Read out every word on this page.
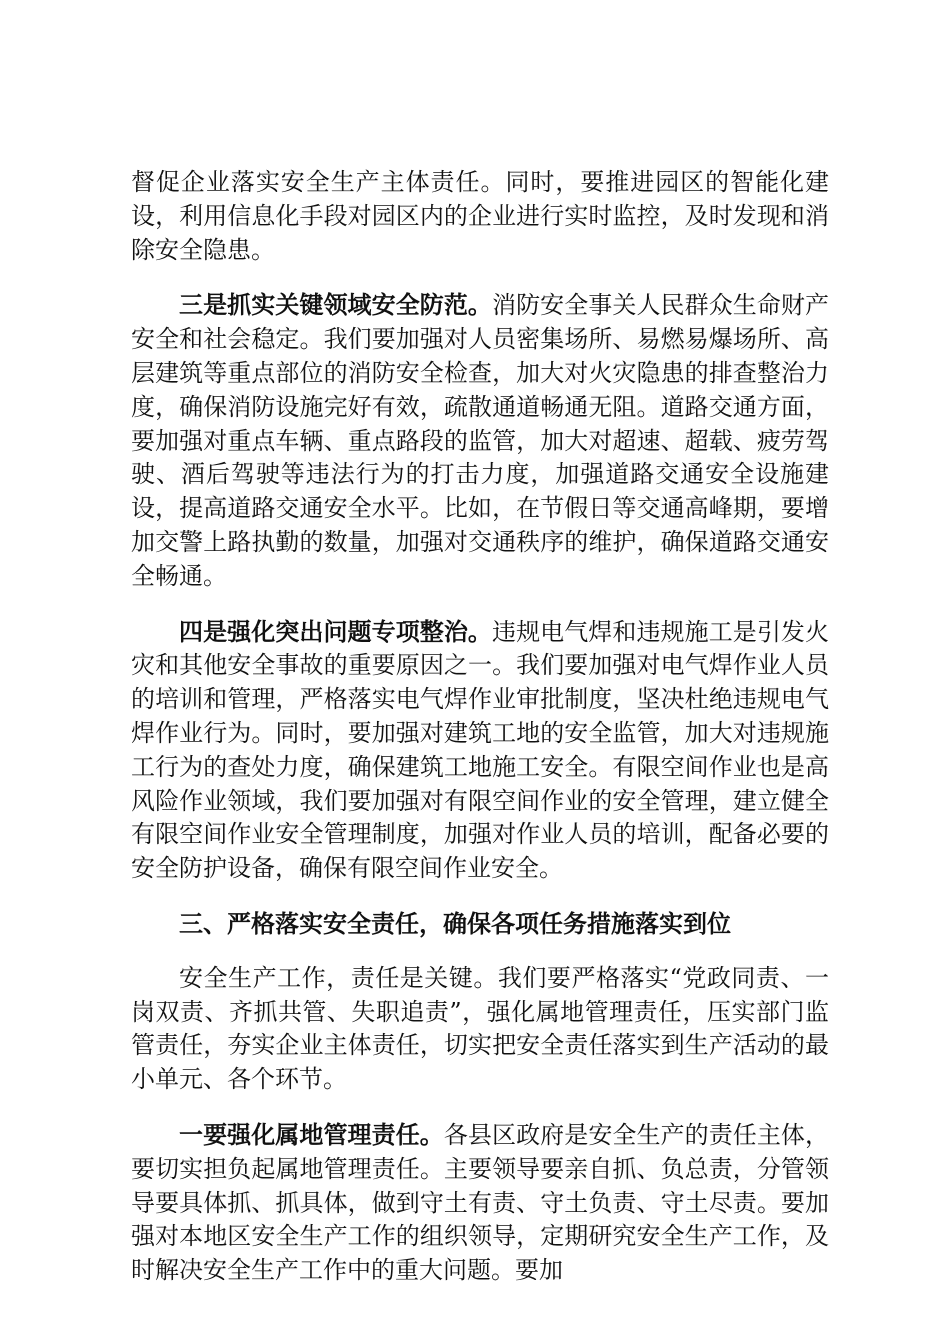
督促企业落实安全生产主体责任。同时，要推进园区的智能化建设，利用信息化手段对园区内的企业进行实时监控，及时发现和消除安全隐患。

三是抓实关键领域安全防范。消防安全事关人民群众生命财产安全和社会稳定。我们要加强对人员密集场所、易燃易爆场所、高层建筑等重点部位的消防安全检查，加大对火灾隐患的排查整治力度，确保消防设施完好有效，疏散通道畅通无阻。道路交通方面，要加强对重点车辆、重点路段的监管，加大对超速、超载、疲劳驾驶、酒后驾驶等违法行为的打击力度，加强道路交通安全设施建设，提高道路交通安全水平。比如，在节假日等交通高峰期，要增加交警上路执勤的数量，加强对交通秩序的维护，确保道路交通安全畅通。

四是强化突出问题专项整治。违规电气焊和违规施工是引发火灾和其他安全事故的重要原因之一。我们要加强对电气焊作业人员的培训和管理，严格落实电气焊作业审批制度，坚决杜绝违规电气焊作业行为。同时，要加强对建筑工地的安全监管，加大对违规施工行为的查处力度，确保建筑工地施工安全。有限空间作业也是高风险作业领域，我们要加强对有限空间作业的安全管理，建立健全有限空间作业安全管理制度，加强对作业人员的培训，配备必要的安全防护设备，确保有限空间作业安全。

三、严格落实安全责任，确保各项任务措施落实到位

安全生产工作，责任是关键。我们要严格落实“党政同责、一岗双责、齐抓共管、失职追责”，强化属地管理责任，压实部门监管责任，夯实企业主体责任，切实把安全责任落实到生产活动的最小单元、各个环节。

一要强化属地管理责任。各县区政府是安全生产的责任主体，要切实担负起属地管理责任。主要领导要亲自抓、负总责，分管领导要具体抓、抓具体，做到守土有责、守土负责、守土尽责。要加强对本地区安全生产工作的组织领导，定期研究安全生产工作，及时解决安全生产工作中的重大问题。要加
